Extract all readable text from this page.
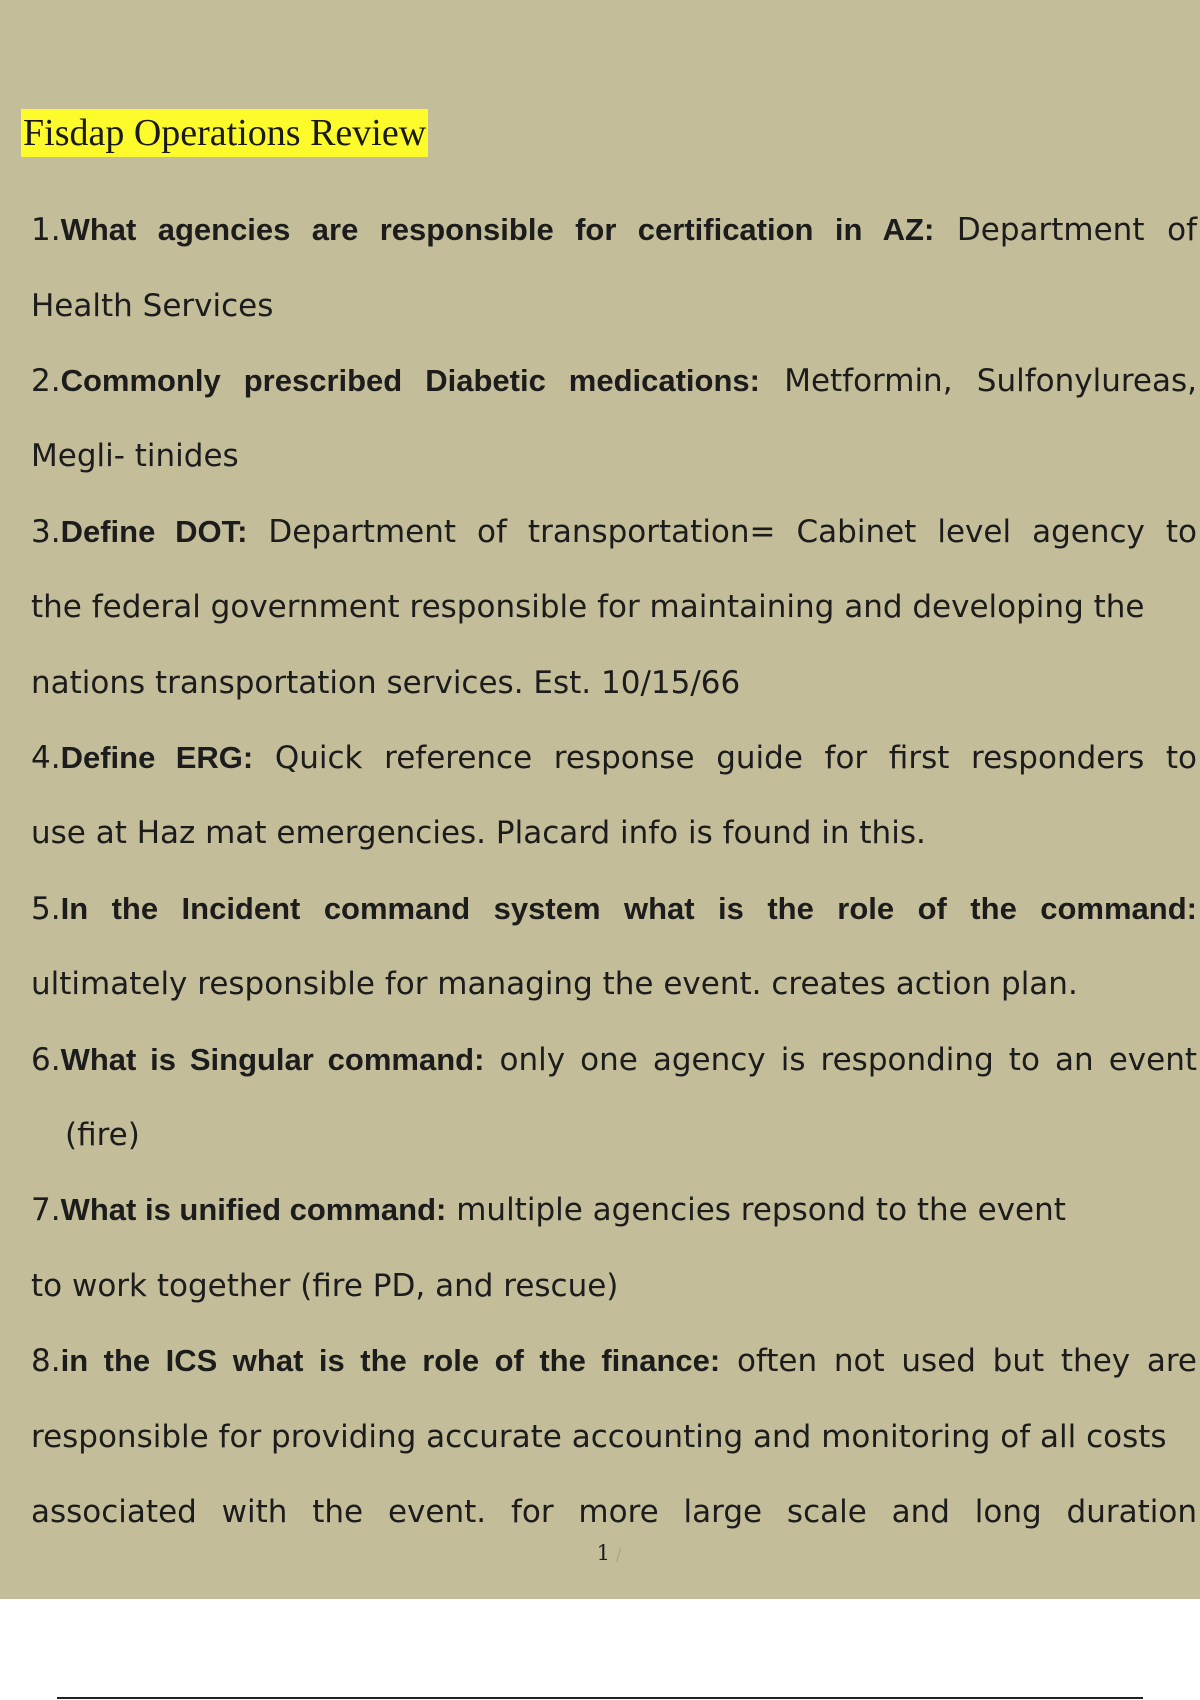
Fisdap Operations Review
1.What agencies are responsible for certification in AZ: Department of
Health Services
2.Commonly prescribed Diabetic medications: Metformin, Sulfonylureas,
Megli- tinides
3.Define DOT: Department of transportation= Cabinet level agency to
the federal government responsible for maintaining and developing the
nations transportation services. Est. 10/15/66
4.Define ERG: Quick reference response guide for first responders to
use at Haz mat emergencies. Placard info is found in this.
5.In the Incident command system what is the role of the command:
ultimately responsible for managing the event. creates action plan.
6.What is Singular command: only one agency is responding to an event
(fire)
7.What is unified command: multiple agencies repsond to the event
to work together (fire PD, and rescue)
8.in the ICS what is the role of the finance: often not used but they are
responsible for providing accurate accounting and monitoring of all costs
associated with the event. for more large scale and long duration
1 /
